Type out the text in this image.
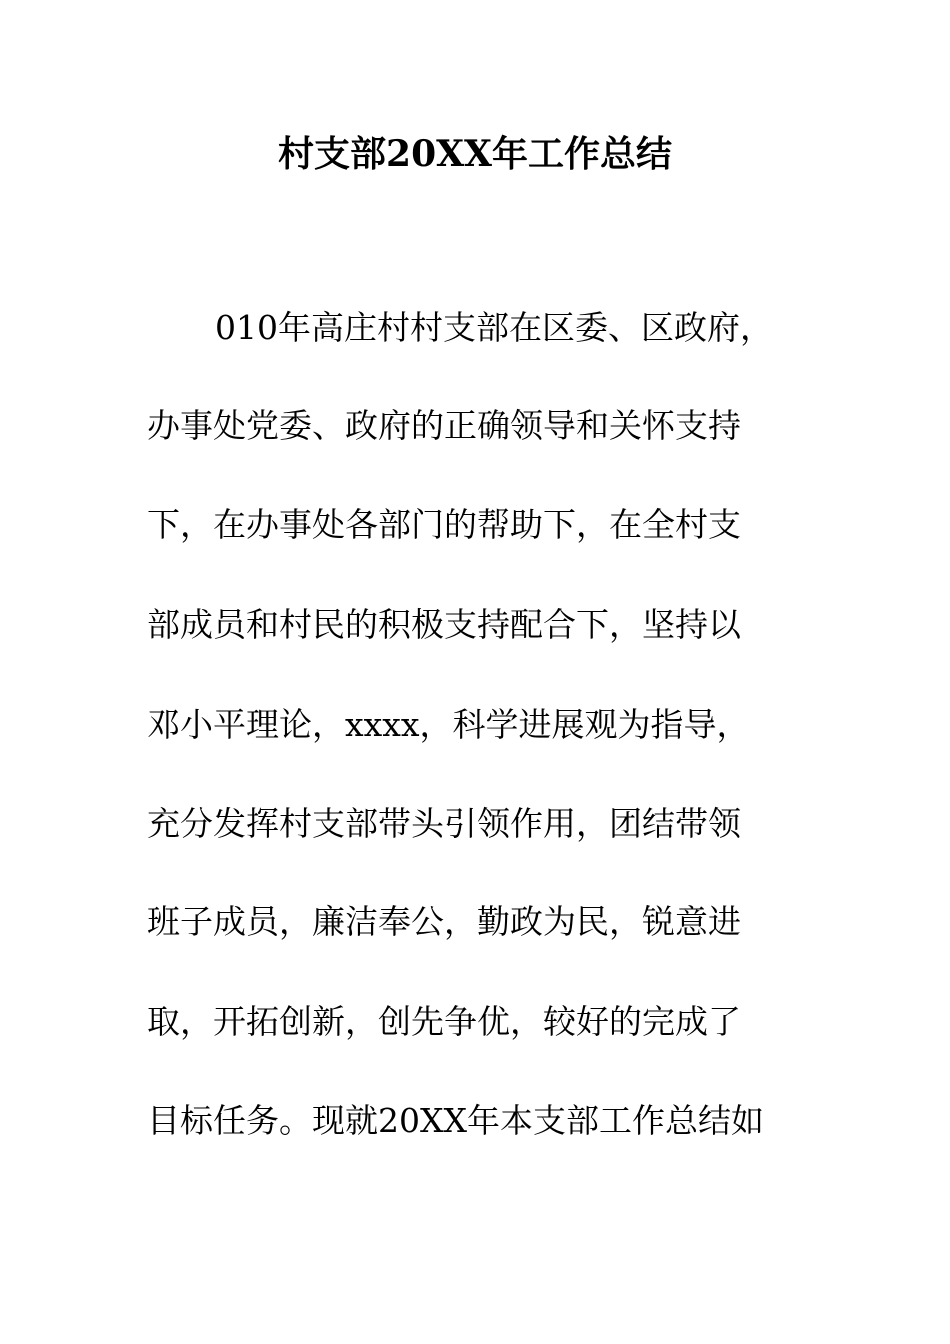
村支部20XX年工作总结
010年高庄村村支部在区委、区政府，
办事处党委、政府的正确领导和关怀支持
下，在办事处各部门的帮助下，在全村支
部成员和村民的积极支持配合下，坚持以
邓小平理论，xxxx，科学进展观为指导，
充分发挥村支部带头引领作用，团结带领
班子成员，廉洁奉公，勤政为民，锐意进
取，开拓创新，创先争优，较好的完成了
目标任务。现就20XX年本支部工作总结如
